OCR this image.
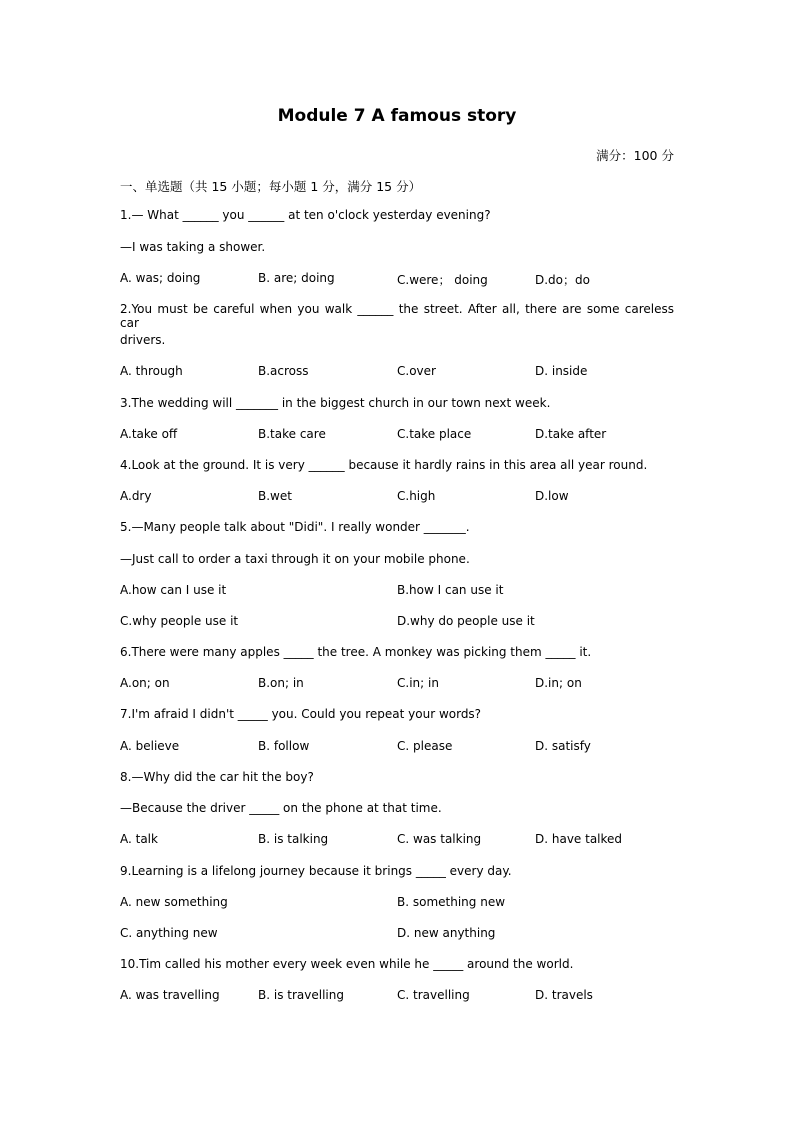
Module 7 A famous story
满分：100 分
一、单选题（共 15 小题；每小题 1 分，满分 15 分）
1.— What ______ you ______ at ten o'clock yesterday evening?
—I was taking a shower.
A. was; doing	B. are; doing	C.were； doing	D.do；do
2.You must be careful when you walk ______ the street. After all, there are some careless car
drivers.
A. through	B.across	C.over	D. inside
3.The wedding will _______ in the biggest church in our town next week.
A.take off	B.take care	C.take place	D.take after
4.Look at the ground. It is very ______ because it hardly rains in this area all year round.
A.dry	B.wet	C.high	D.low
5.—Many people talk about "Didi". I really wonder _______.
—Just call to order a taxi through it on your mobile phone.
A.how can I use it	B.how I can use it
C.why people use it	D.why do people use it
6.There were many apples _____ the tree. A monkey was picking them _____ it.
A.on; on	B.on; in	C.in; in	D.in; on
7.I'm afraid I didn't _____ you. Could you repeat your words?
A. believe	B. follow	C. please	D. satisfy
8.—Why did the car hit the boy?
—Because the driver _____ on the phone at that time.
A. talk	B. is talking	C. was talking	D. have talked
9.Learning is a lifelong journey because it brings _____ every day.
A. new something	B. something new
C. anything new	D. new anything
10.Tim called his mother every week even while he _____ around the world.
A. was travelling	B. is travelling	C. travelling	D. travels
